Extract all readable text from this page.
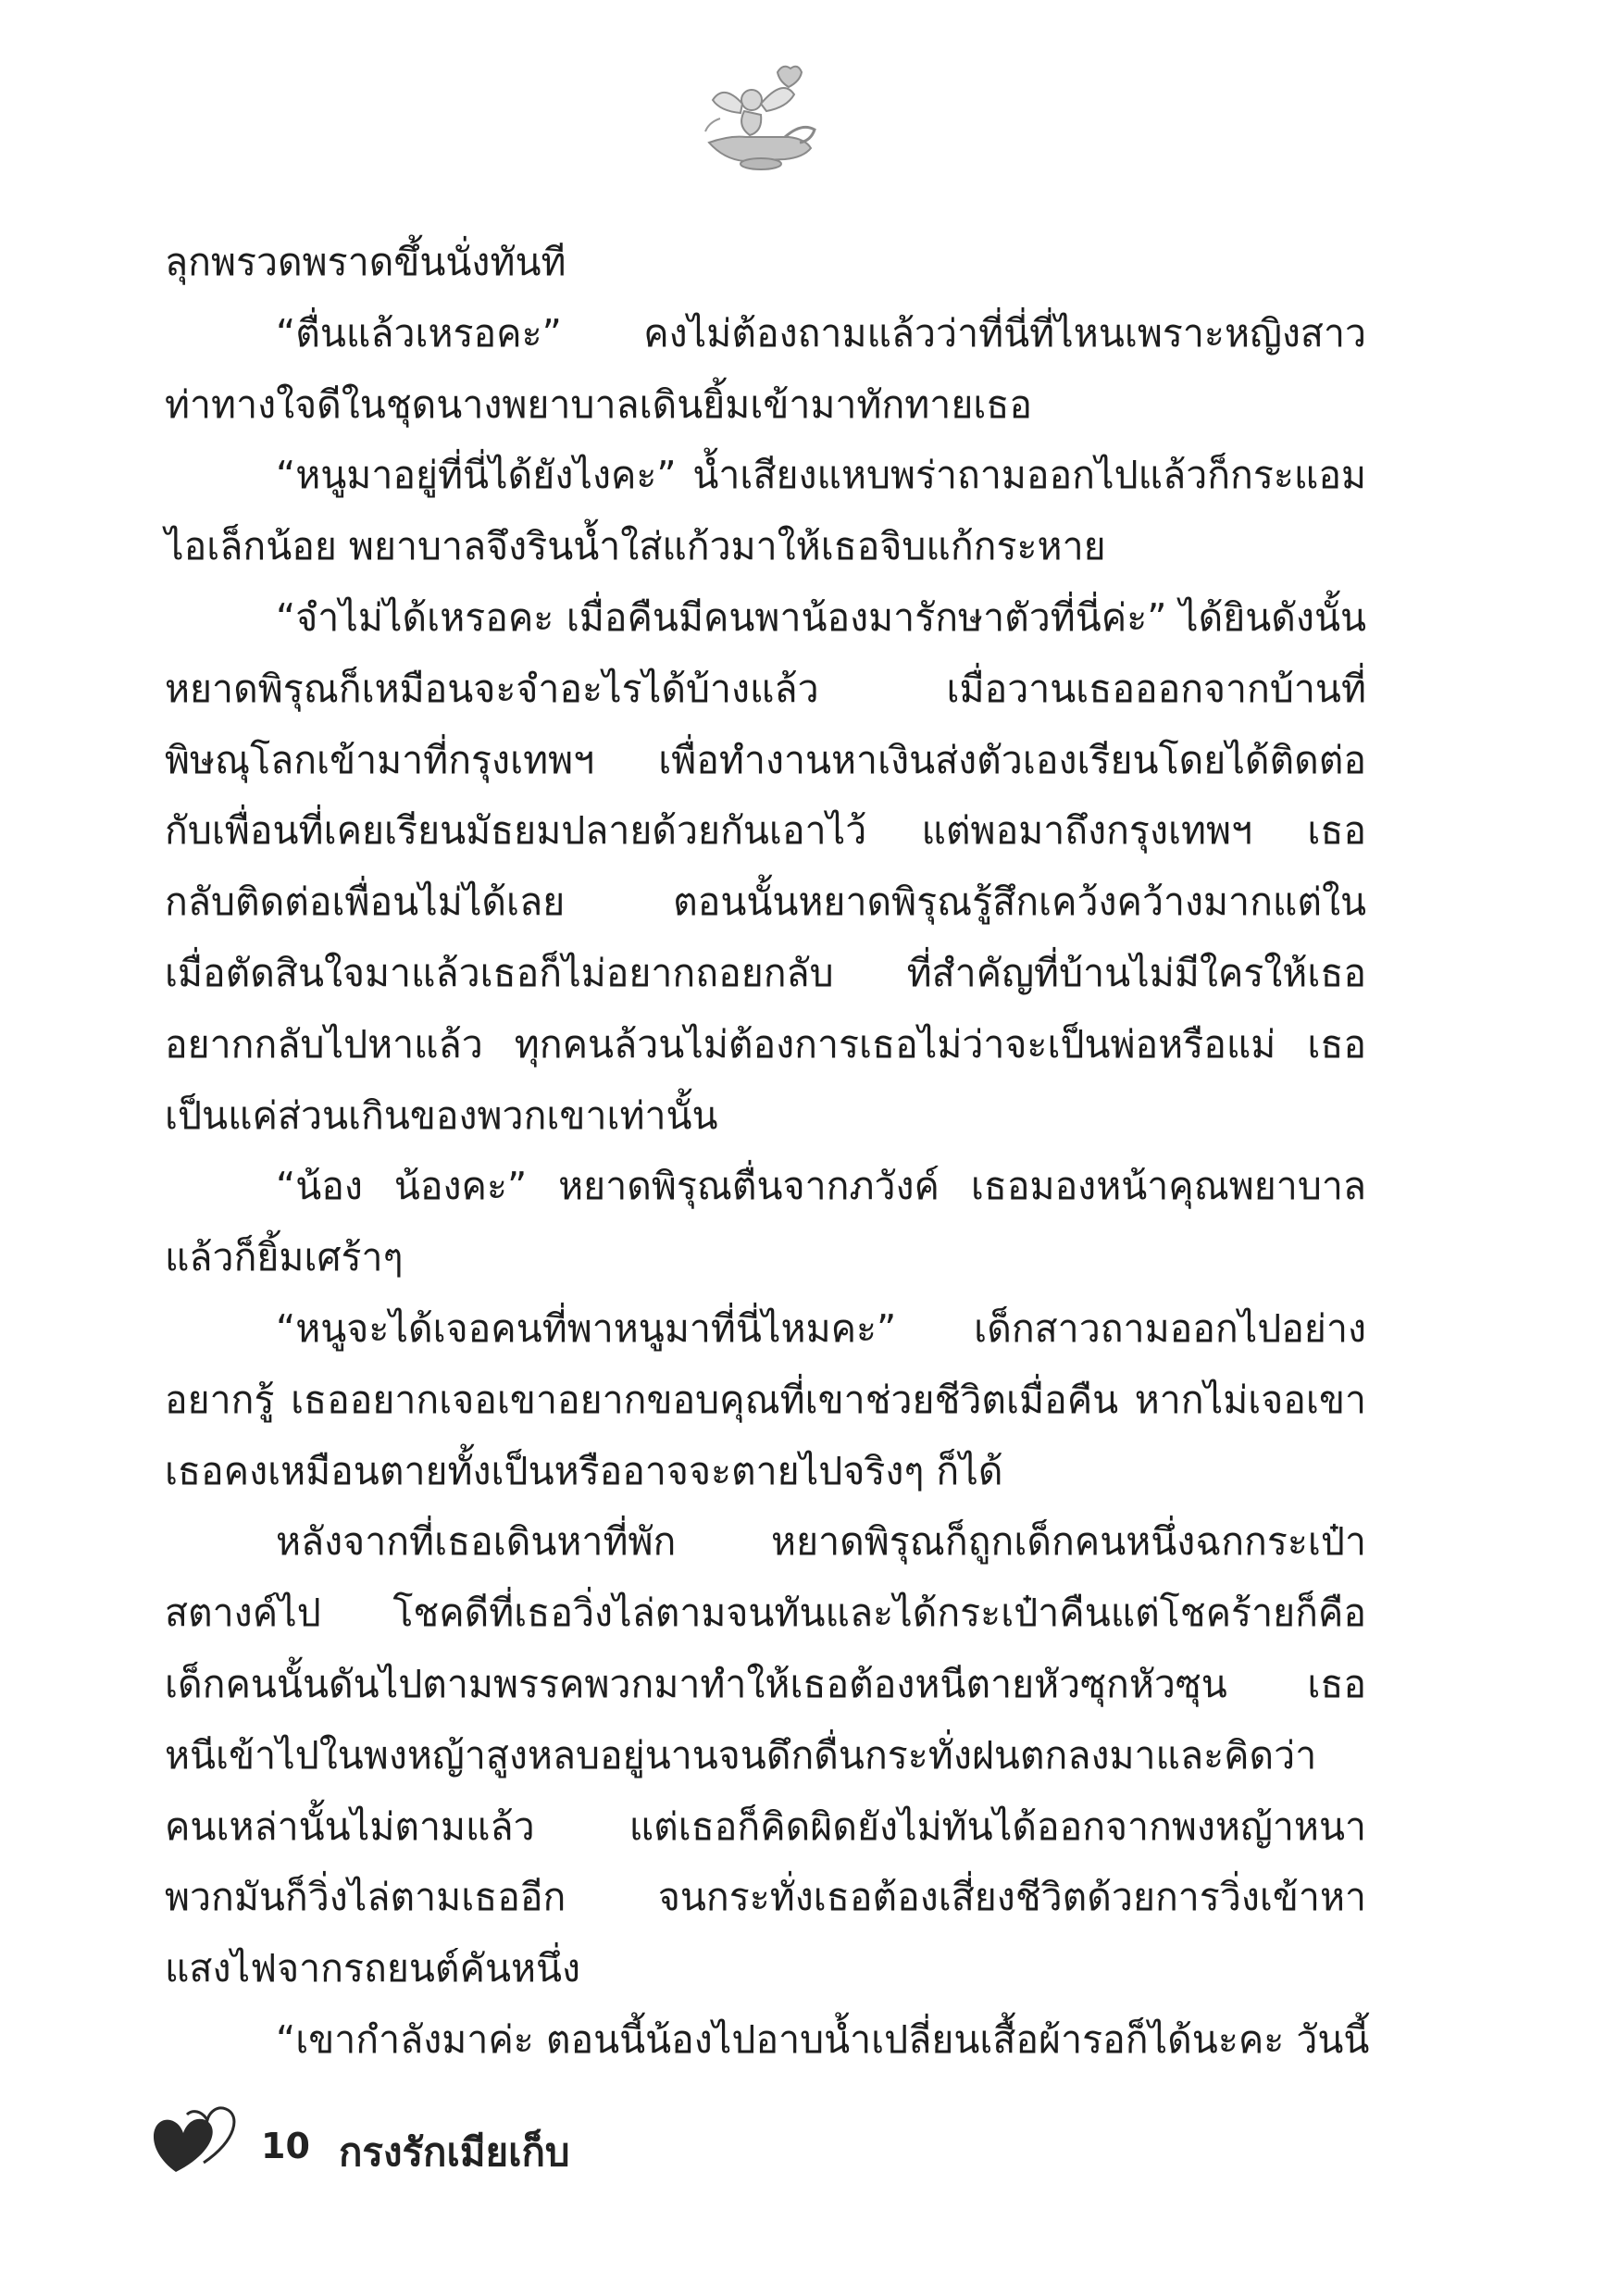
ลุกพรวดพราดขึ้นนั่งทันที
“ตื่นแล้วเหรอคะ” คงไม่ต้องถามแล้วว่าที่นี่ที่ไหนเพราะหญิงสาว
ท่าทางใจดีในชุดนางพยาบาลเดินยิ้มเข้ามาทักทายเธอ
“หนูมาอยู่ที่นี่ได้ยังไงคะ” น้ำเสียงแหบพร่าถามออกไปแล้วก็กระแอม
ไอเล็กน้อย พยาบาลจึงรินน้ำใส่แก้วมาให้เธอจิบแก้กระหาย
“จำไม่ได้เหรอคะ เมื่อคืนมีคนพาน้องมารักษาตัวที่นี่ค่ะ” ได้ยินดังนั้น
หยาดพิรุณก็เหมือนจะจำอะไรได้บ้างแล้ว เมื่อวานเธอออกจากบ้านที่
พิษณุโลกเข้ามาที่กรุงเทพฯ เพื่อทำงานหาเงินส่งตัวเองเรียนโดยได้ติดต่อ
กับเพื่อนที่เคยเรียนมัธยมปลายด้วยกันเอาไว้ แต่พอมาถึงกรุงเทพฯ เธอ
กลับติดต่อเพื่อนไม่ได้เลย ตอนนั้นหยาดพิรุณรู้สึกเคว้งคว้างมากแต่ใน
เมื่อตัดสินใจมาแล้วเธอก็ไม่อยากถอยกลับ ที่สำคัญที่บ้านไม่มีใครให้เธอ
อยากกลับไปหาแล้ว ทุกคนล้วนไม่ต้องการเธอไม่ว่าจะเป็นพ่อหรือแม่ เธอ
เป็นแค่ส่วนเกินของพวกเขาเท่านั้น
“น้อง น้องคะ” หยาดพิรุณตื่นจากภวังค์ เธอมองหน้าคุณพยาบาล
แล้วก็ยิ้มเศร้าๆ
“หนูจะได้เจอคนที่พาหนูมาที่นี่ไหมคะ” เด็กสาวถามออกไปอย่าง
อยากรู้ เธออยากเจอเขาอยากขอบคุณที่เขาช่วยชีวิตเมื่อคืน หากไม่เจอเขา
เธอคงเหมือนตายทั้งเป็นหรืออาจจะตายไปจริงๆ ก็ได้
หลังจากที่เธอเดินหาที่พัก หยาดพิรุณก็ถูกเด็กคนหนึ่งฉกกระเป๋า
สตางค์ไป โชคดีที่เธอวิ่งไล่ตามจนทันและได้กระเป๋าคืนแต่โชคร้ายก็คือ
เด็กคนนั้นดันไปตามพรรคพวกมาทำให้เธอต้องหนีตายหัวซุกหัวซุน เธอ
หนีเข้าไปในพงหญ้าสูงหลบอยู่นานจนดึกดื่นกระทั่งฝนตกลงมาและคิดว่า
คนเหล่านั้นไม่ตามแล้ว แต่เธอก็คิดผิดยังไม่ทันได้ออกจากพงหญ้าหนา
พวกมันก็วิ่งไล่ตามเธออีก จนกระทั่งเธอต้องเสี่ยงชีวิตด้วยการวิ่งเข้าหา
แสงไฟจากรถยนต์คันหนึ่ง
“เขากำลังมาค่ะ ตอนนี้น้องไปอาบน้ำเปลี่ยนเสื้อผ้ารอก็ได้นะคะ วันนี้
10 กรงรักเมียเก็บ
